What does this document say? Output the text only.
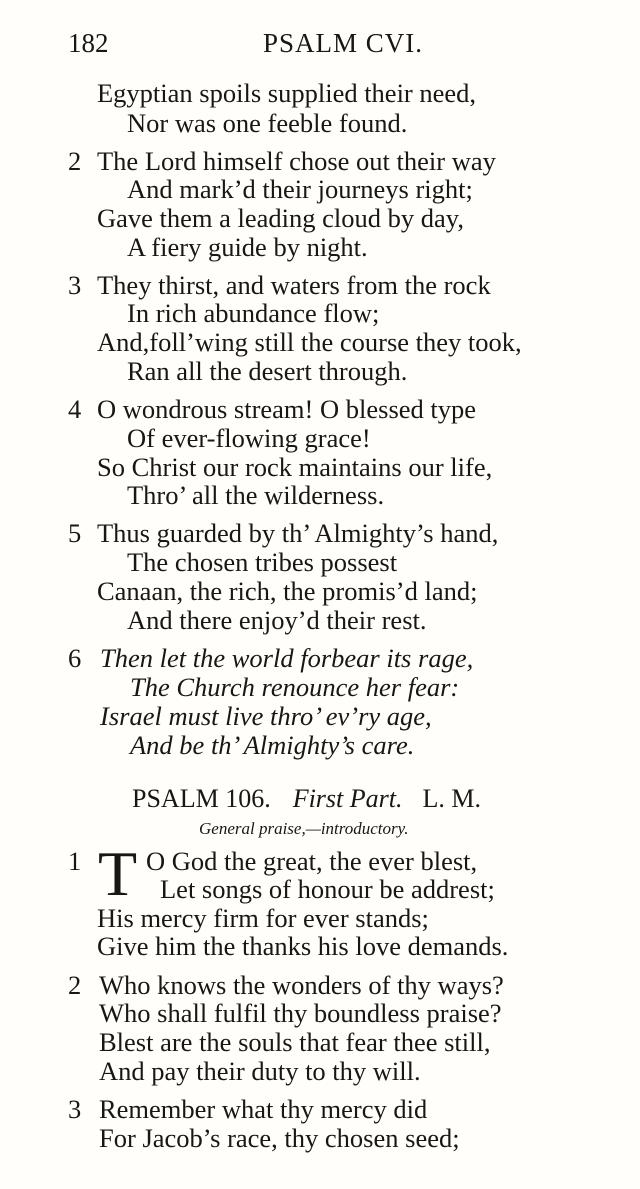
182	PSALM CVI.
Egyptian spoils supplied their need,
Nor was one feeble found.
2 The Lord himself chose out their way
And mark’d their journeys right;
Gave them a leading cloud by day,
A fiery guide by night.
3 They thirst, and waters from the rock
In rich abundance flow;
And,foll’wing still the course they took,
Ran all the desert through.
4 O wondrous stream! O blessed type
Of ever-flowing grace!
So Christ our rock maintains our life,
Thro’ all the wilderness.
5 Thus guarded by th’ Almighty’s hand,
The chosen tribes possest
Canaan, the rich, the promis’d land;
And there enjoy’d their rest.
6 Then let the world forbear its rage,
The Church renounce her fear:
Israel must live thro’ ev’ry age,
And be th’ Almighty’s care.
PSALM 106. First Part. L. M.
General praise,—introductory.
1 T O God the great, the ever blest,
Let songs of honour be addrest;
His mercy firm for ever stands;
Give him the thanks his love demands.
2 Who knows the wonders of thy ways?
Who shall fulfil thy boundless praise?
Blest are the souls that fear thee still,
And pay their duty to thy will.
3 Remember what thy mercy did
For Jacob’s race, thy chosen seed;
